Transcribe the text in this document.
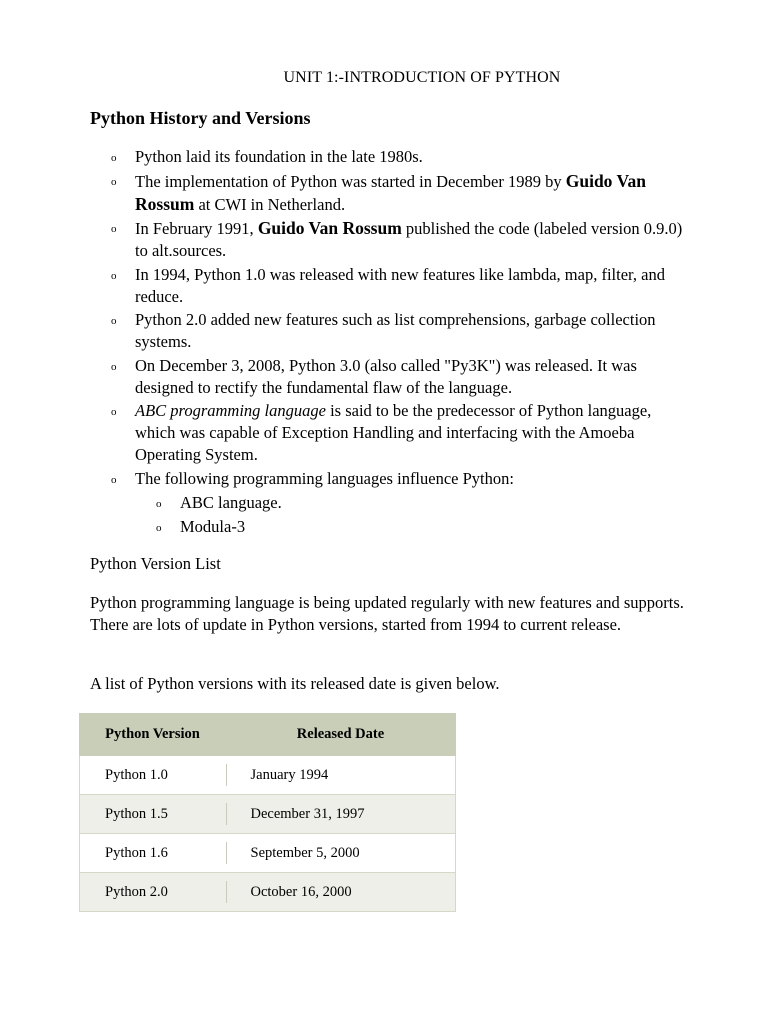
UNIT 1:-INTRODUCTION OF PYTHON
Python History and Versions
o Python laid its foundation in the late 1980s.
o The implementation of Python was started in December 1989 by Guido Van Rossum at CWI in Netherland.
o In February 1991, Guido Van Rossum published the code (labeled version 0.9.0) to alt.sources.
o In 1994, Python 1.0 was released with new features like lambda, map, filter, and reduce.
o Python 2.0 added new features such as list comprehensions, garbage collection systems.
o On December 3, 2008, Python 3.0 (also called "Py3K") was released. It was designed to rectify the fundamental flaw of the language.
o ABC programming language is said to be the predecessor of Python language, which was capable of Exception Handling and interfacing with the Amoeba Operating System.
o The following programming languages influence Python:
o ABC language.
o Modula-3
Python Version List
Python programming language is being updated regularly with new features and supports. There are lots of update in Python versions, started from 1994 to current release.
A list of Python versions with its released date is given below.
Python Version	Released Date
Python 1.0	January 1994
Python 1.5	December 31, 1997
Python 1.6	September 5, 2000
Python 2.0	October 16, 2000
